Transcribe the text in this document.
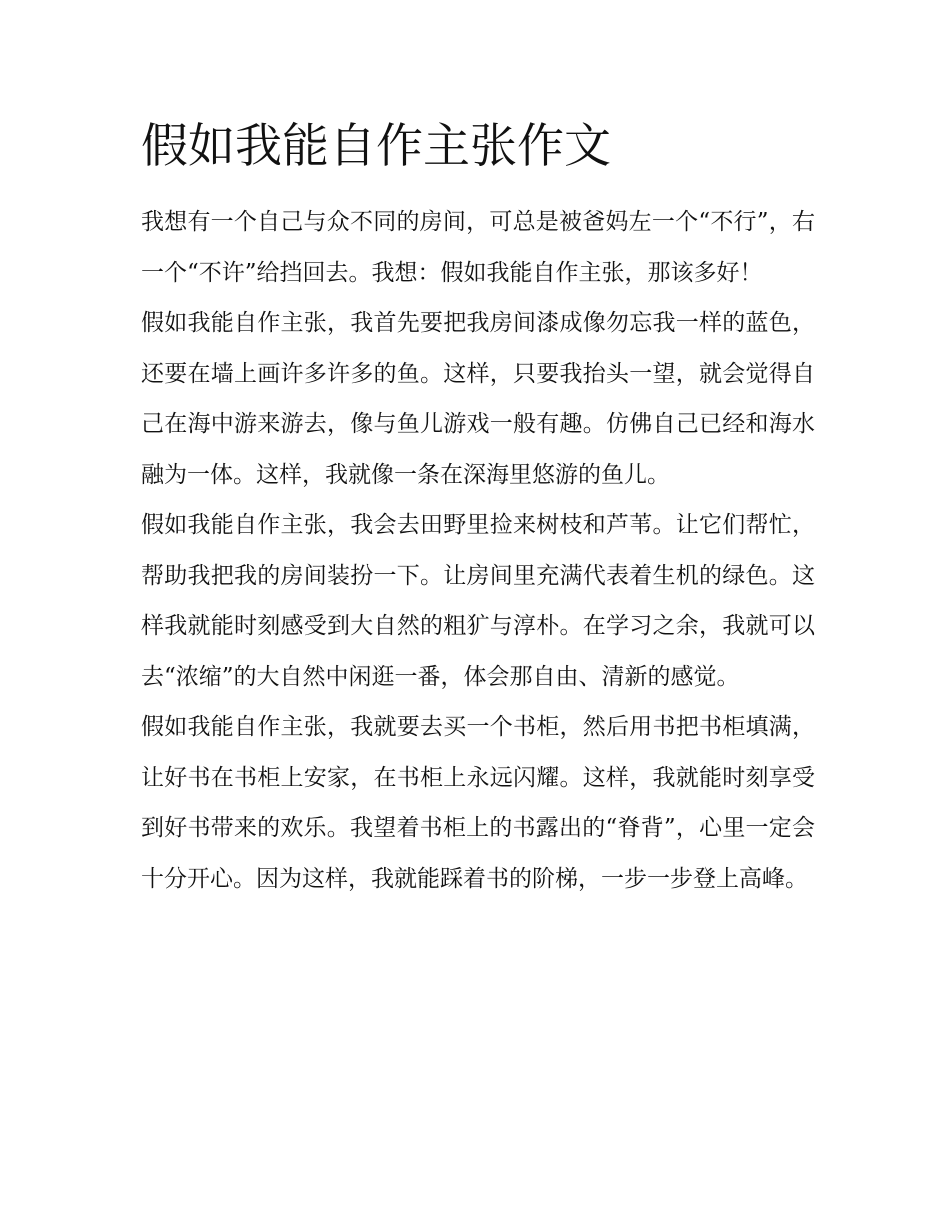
假如我能自作主张作文

我想有一个自己与众不同的房间，可总是被爸妈左一个“不行”，右一个“不许”给挡回去。我想：假如我能自作主张，那该多好！

假如我能自作主张，我首先要把我房间漆成像勿忘我一样的蓝色，还要在墙上画许多许多的鱼。这样，只要我抬头一望，就会觉得自己在海中游来游去，像与鱼儿游戏一般有趣。仿佛自己已经和海水融为一体。这样，我就像一条在深海里悠游的鱼儿。

假如我能自作主张，我会去田野里捡来树枝和芦苇。让它们帮忙，帮助我把我的房间装扮一下。让房间里充满代表着生机的绿色。这样我就能时刻感受到大自然的粗犷与淳朴。在学习之余，我就可以去“浓缩”的大自然中闲逛一番，体会那自由、清新的感觉。

假如我能自作主张，我就要去买一个书柜，然后用书把书柜填满，让好书在书柜上安家，在书柜上永远闪耀。这样，我就能时刻享受到好书带来的欢乐。我望着书柜上的书露出的“脊背”，心里一定会十分开心。因为这样，我就能踩着书的阶梯，一步一步登上高峰。
